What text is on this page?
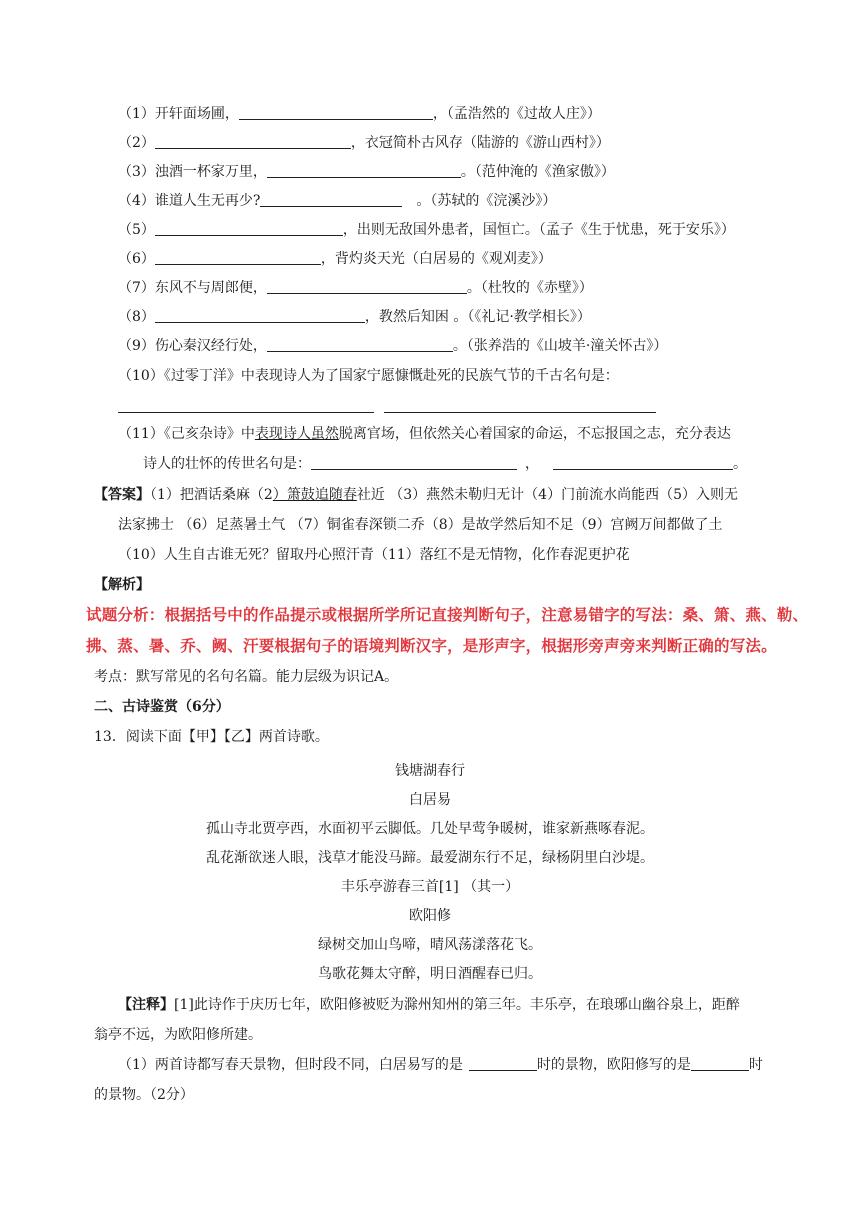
（1）开轩面场圃，	，（孟浩然的《过故人庄》）
（2）	，衣冠简朴古风存（陆游的《游山西村》）
（3）浊酒一杯家万里，	。（范仲淹的《渔家傲》）
（4）谁道人生无再少?	。（苏轼的《浣溪沙》）
（5）	，出则无敌国外患者，国恒亡。（孟子《生于忧患，死于安乐》）
（6）	，背灼炎天光（白居易的《观刈麦》）
（7）东风不与周郎便，	。（杜牧的《赤壁》）
（8）	，教然后知困 。（《礼记·教学相长》）
（9）伤心秦汉经行处，	。（张养浩的《山坡羊·潼关怀古》）
（10）《过零丁洋》中表现诗人为了国家宁愿慷慨赴死的民族气节的千古名句是：
（11）《己亥杂诗》中表现诗人虽然脱离官场，但依然关心着国家的命运，不忘报国之志，充分表达
诗人的壮怀的传世名句是：	，	。
【答案】（1）把酒话桑麻（2）箫鼓追随春社近 （3）燕然未勒归无计（4）门前流水尚能西（5）入则无
法家拂士 （6）足蒸暑土气 （7）铜雀春深锁二乔（8）是故学然后知不足（9）宫阙万间都做了土
（10）人生自古谁无死？留取丹心照汗青（11）落红不是无情物，化作春泥更护花
【解析】
试题分析：根据括号中的作品提示或根据所学所记直接判断句子，注意易错字的写法：桑、箫、燕、勒、
拂、蒸、暑、乔、阙、汗要根据句子的语境判断汉字，是形声字，根据形旁声旁来判断正确的写法。
考点：默写常见的名句名篇。能力层级为识记A。
二、古诗鉴赏（6分）
13．阅读下面【甲】【乙】两首诗歌。
钱塘湖春行
白居易
孤山寺北贾亭西，水面初平云脚低。几处早莺争暖树，谁家新燕啄春泥。
乱花渐欲迷人眼，浅草才能没马蹄。最爱湖东行不足，绿杨阴里白沙堤。
丰乐亭游春三首[1] （其一）
欧阳修
绿树交加山鸟啼，晴风荡漾落花飞。
鸟歌花舞太守醉，明日酒醒春已归。
【注释】[1]此诗作于庆历七年，欧阳修被贬为滁州知州的第三年。丰乐亭，在琅琊山幽谷泉上，距醉
翁亭不远，为欧阳修所建。
（1）两首诗都写春天景物，但时段不同，白居易写的是	时的景物，欧阳修写的是	时
的景物。（2分）
